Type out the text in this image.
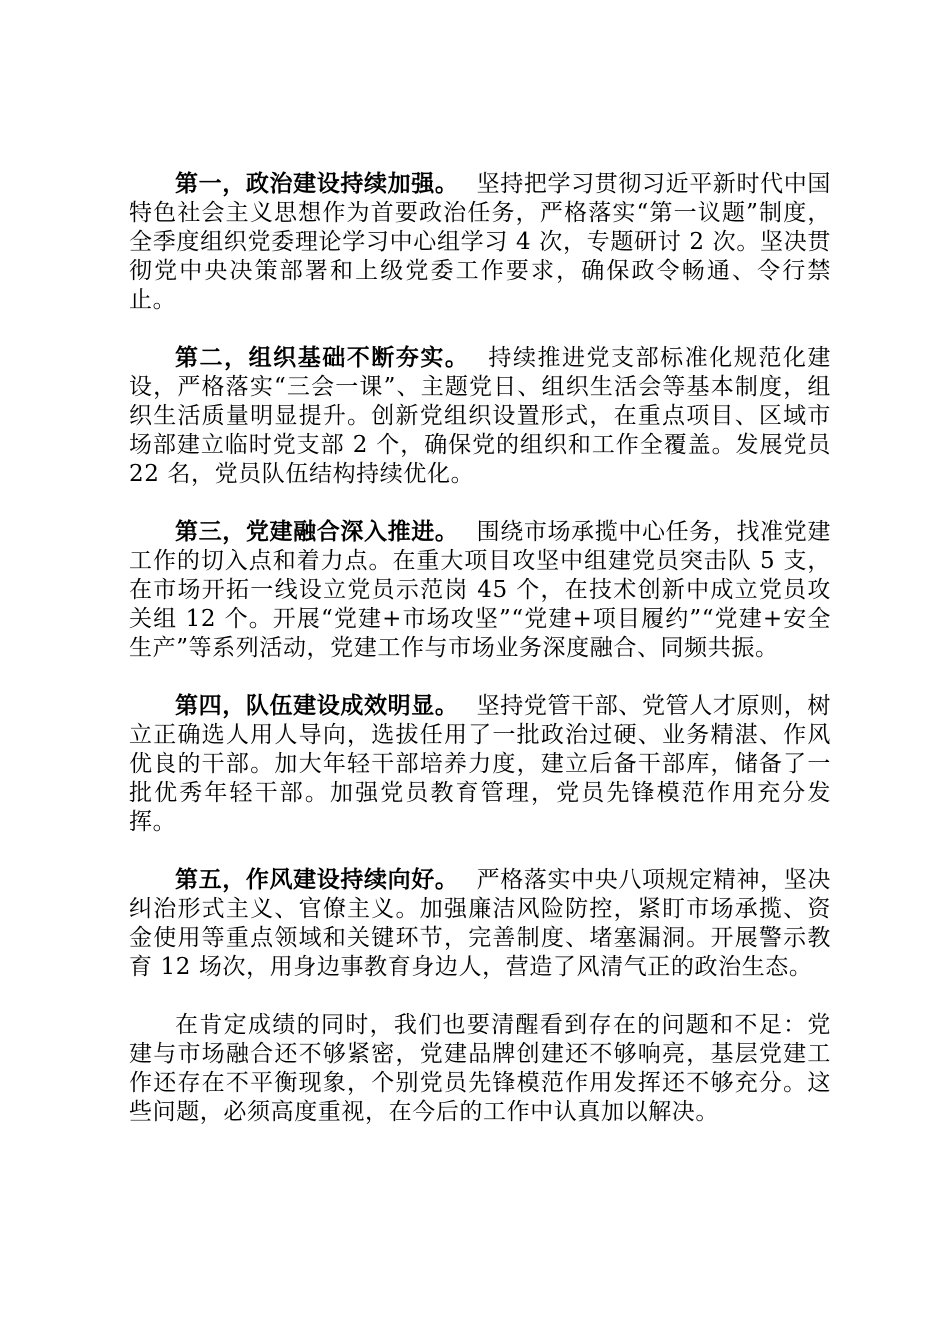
第一，政治建设持续加强。 坚持把学习贯彻习近平新时代中国特色社会主义思想作为首要政治任务，严格落实“第一议题”制度，全季度组织党委理论学习中心组学习 4 次，专题研讨 2 次。坚决贯彻党中央决策部署和上级党委工作要求，确保政令畅通、令行禁止。

第二，组织基础不断夯实。 持续推进党支部标准化规范化建设，严格落实“三会一课”、主题党日、组织生活会等基本制度，组织生活质量明显提升。创新党组织设置形式，在重点项目、区域市场部建立临时党支部 2 个，确保党的组织和工作全覆盖。发展党员 22 名，党员队伍结构持续优化。

第三，党建融合深入推进。 围绕市场承揽中心任务，找准党建工作的切入点和着力点。在重大项目攻坚中组建党员突击队 5 支，在市场开拓一线设立党员示范岗 45 个，在技术创新中成立党员攻关组 12 个。开展“党建+市场攻坚”“党建+项目履约”“党建+安全生产”等系列活动，党建工作与市场业务深度融合、同频共振。

第四，队伍建设成效明显。 坚持党管干部、党管人才原则，树立正确选人用人导向，选拔任用了一批政治过硬、业务精湛、作风优良的干部。加大年轻干部培养力度，建立后备干部库，储备了一批优秀年轻干部。加强党员教育管理，党员先锋模范作用充分发挥。

第五，作风建设持续向好。 严格落实中央八项规定精神，坚决纠治形式主义、官僚主义。加强廉洁风险防控，紧盯市场承揽、资金使用等重点领域和关键环节，完善制度、堵塞漏洞。开展警示教育 12 场次，用身边事教育身边人，营造了风清气正的政治生态。

在肯定成绩的同时，我们也要清醒看到存在的问题和不足：党建与市场融合还不够紧密，党建品牌创建还不够响亮，基层党建工作还存在不平衡现象，个别党员先锋模范作用发挥还不够充分。这些问题，必须高度重视，在今后的工作中认真加以解决。
